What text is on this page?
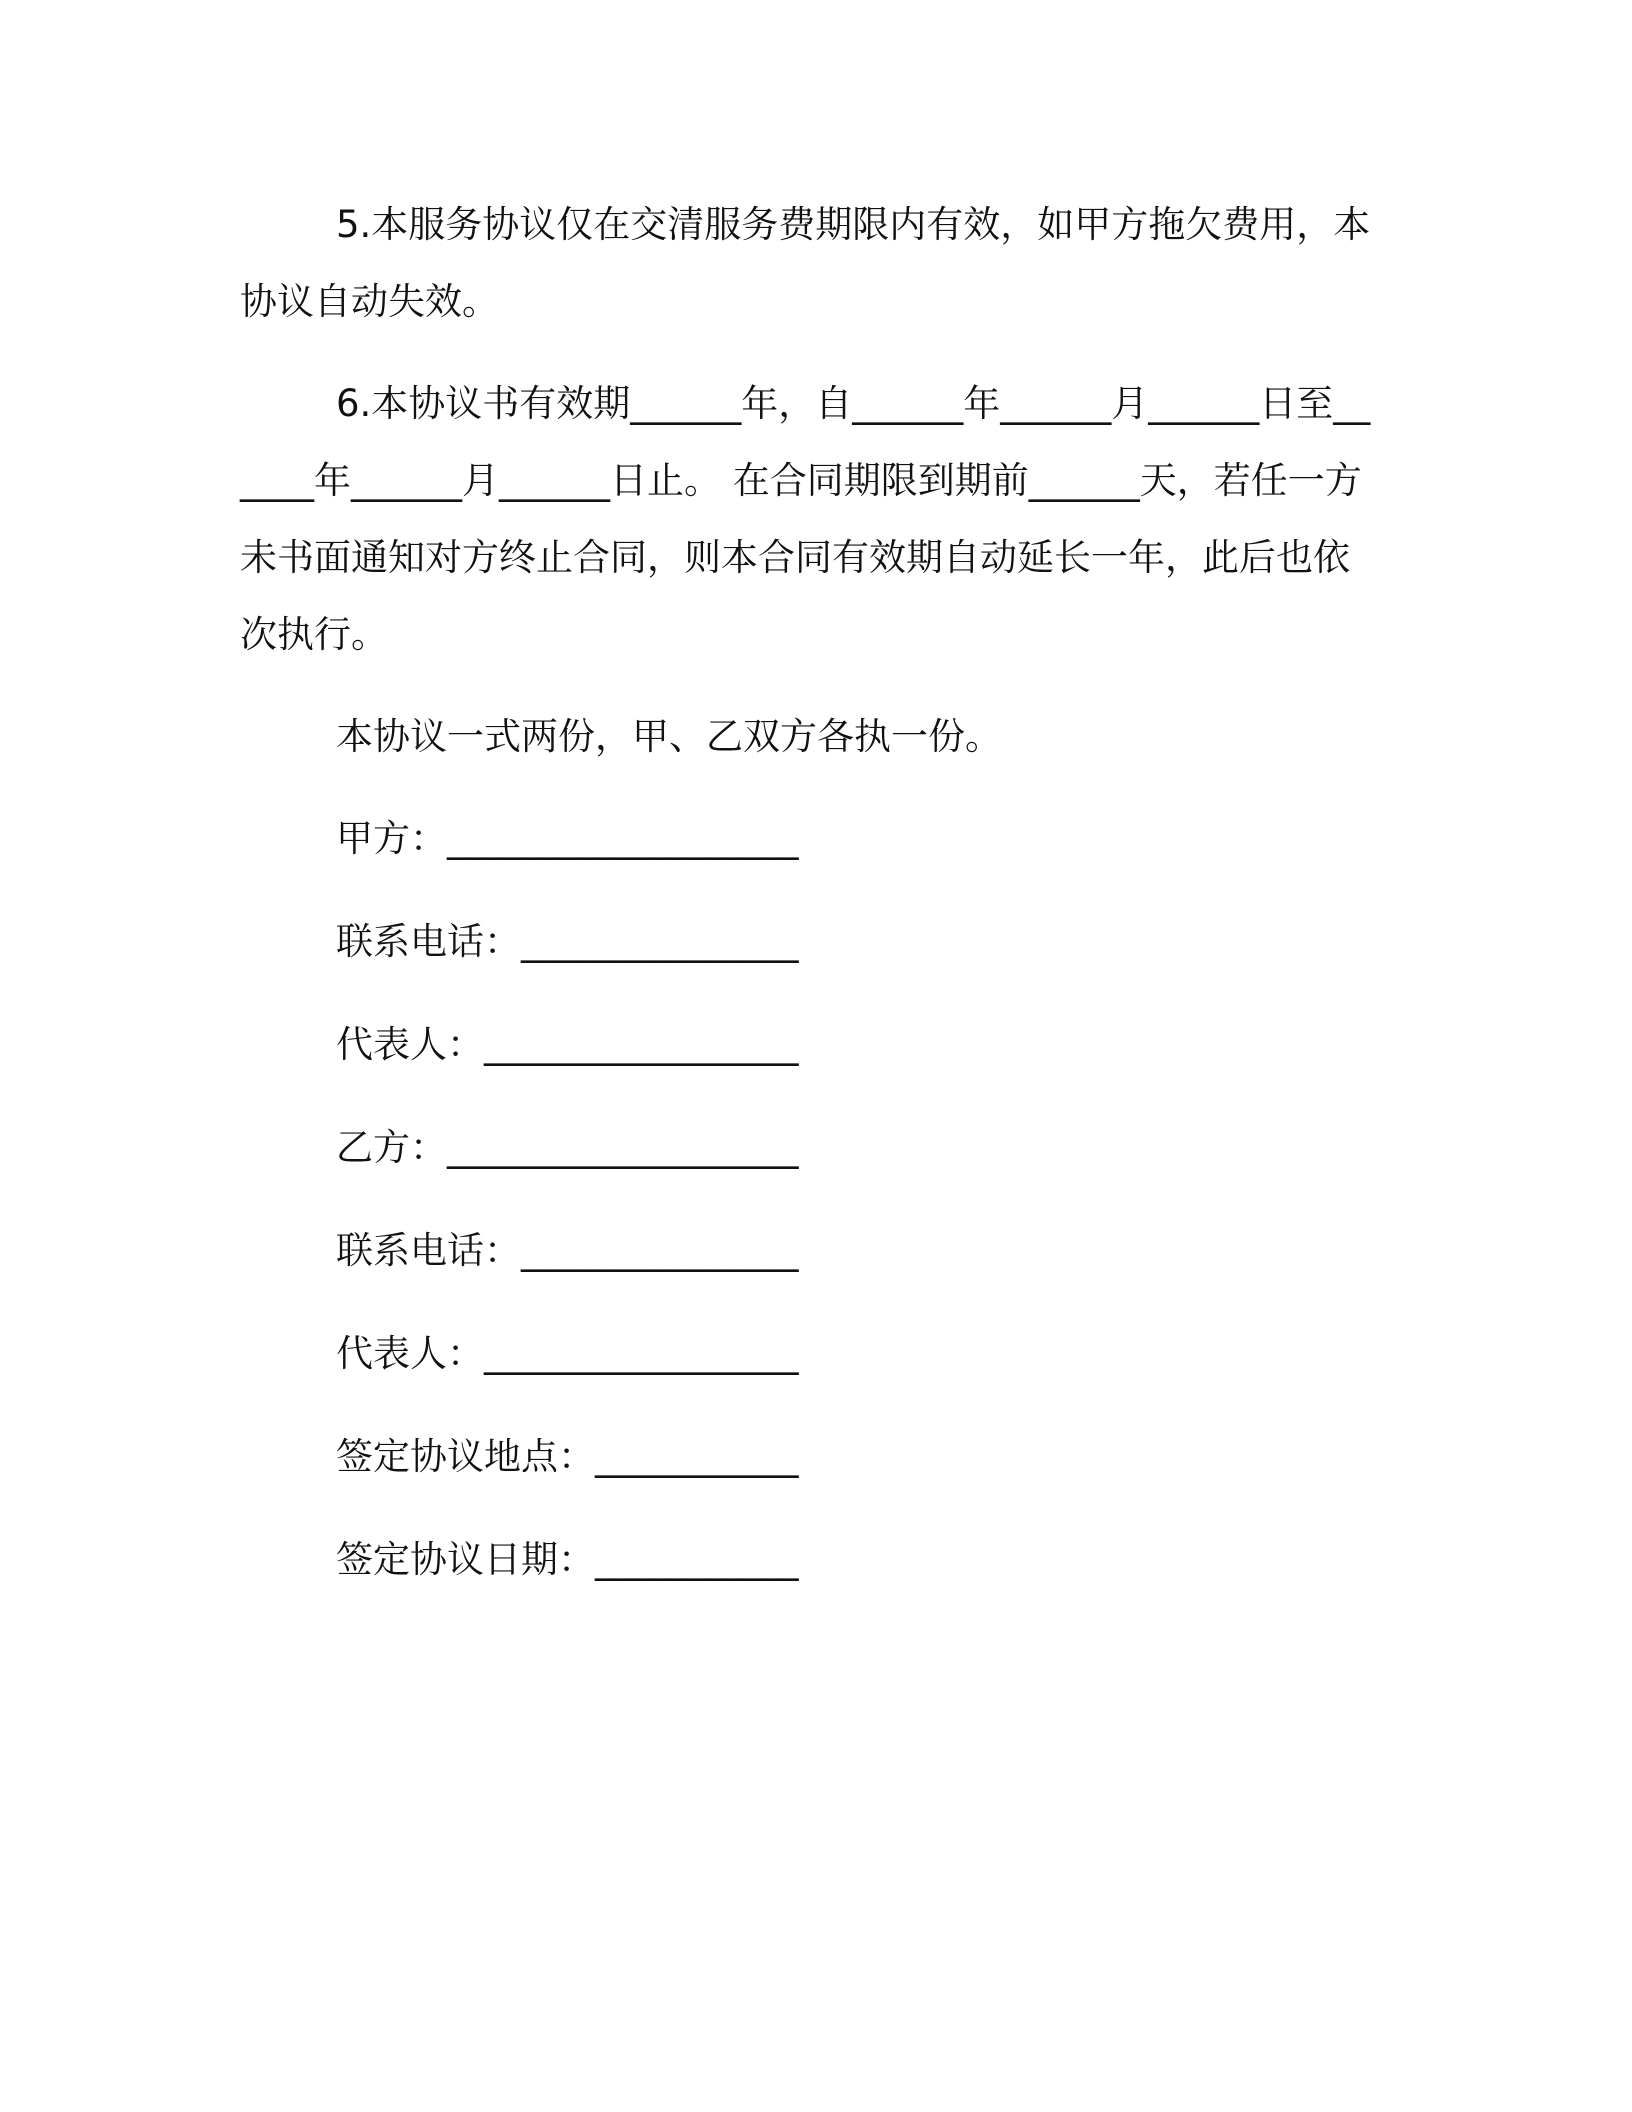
5.本服务协议仅在交清服务费期限内有效，如甲方拖欠费用，本协议自动失效。

6.本协议书有效期______年，自______年______月______日至______年______月______日止。 在合同期限到期前______天，若任一方未书面通知对方终止合同，则本合同有效期自动延长一年，此后也依次执行。

本协议一式两份，甲、乙双方各执一份。

甲方：___________________
联系电话：_______________
代表人：_________________
乙方：___________________
联系电话：_______________
代表人：_________________
签定协议地点：___________
签定协议日期：___________
